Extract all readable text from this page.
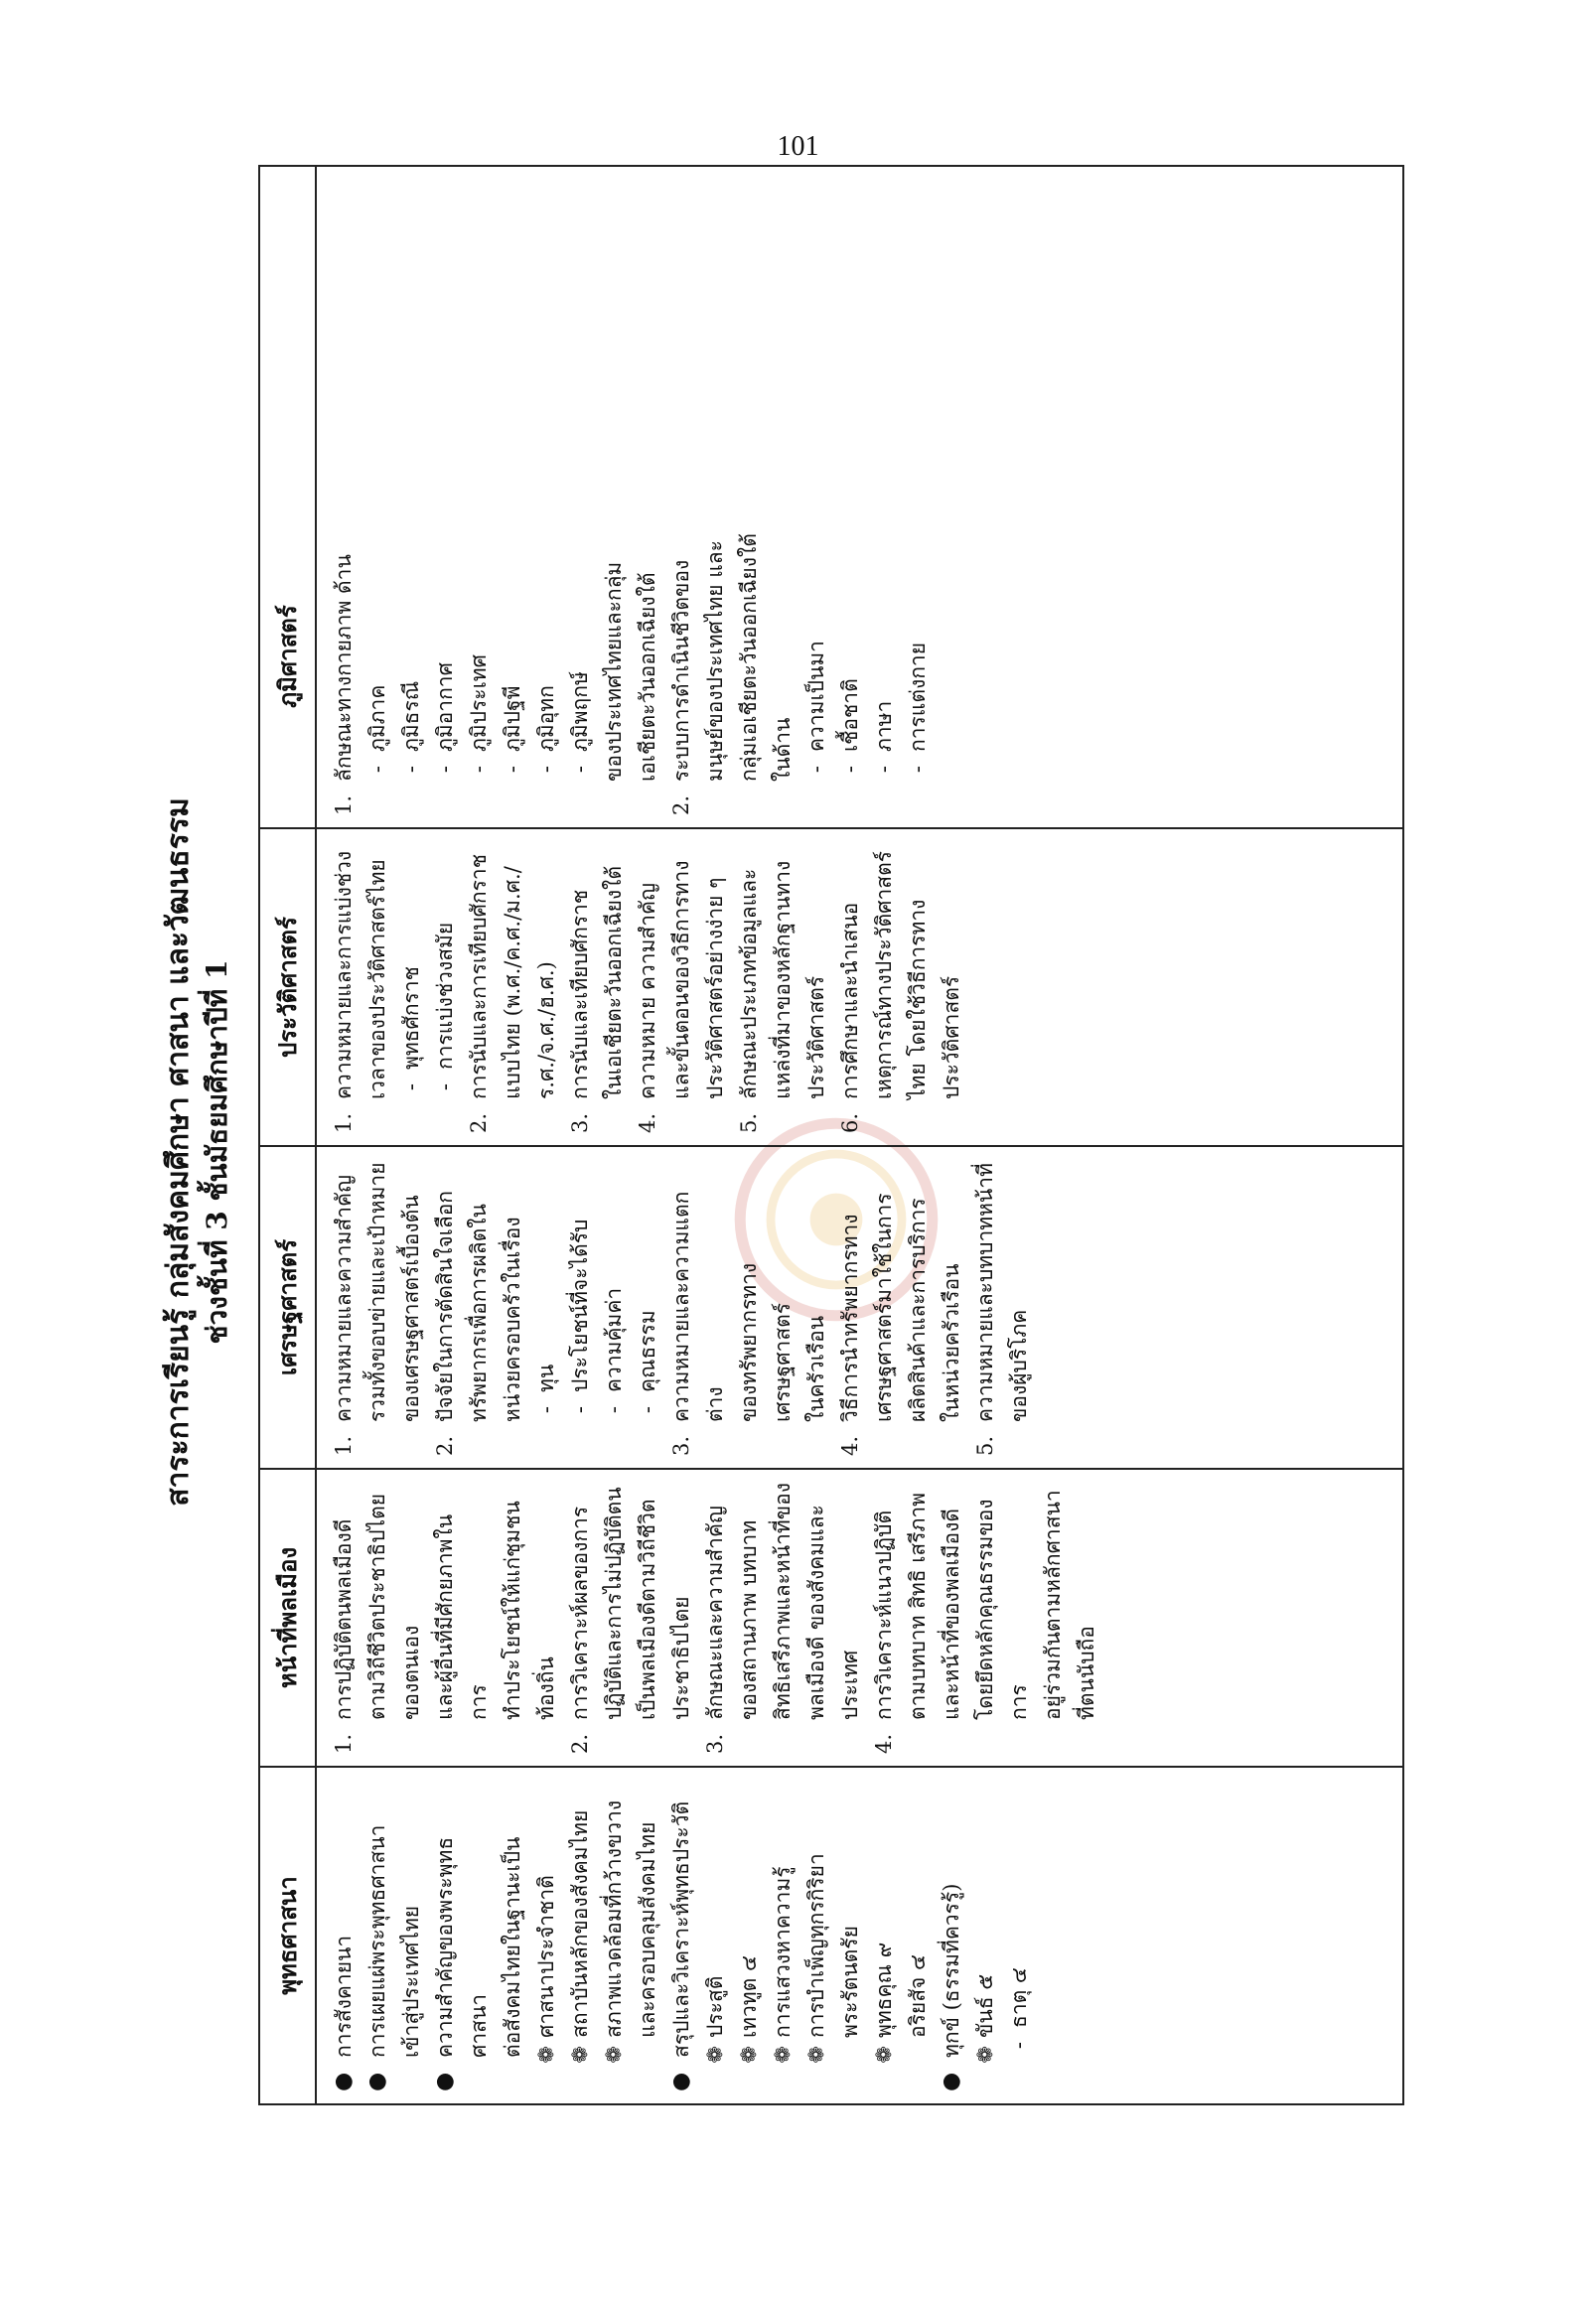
101
สาระการเรียนรู้ กลุ่มสังคมศึกษา ศาสนา และวัฒนธรรม ช่วงชั้นที่ 3 ชั้นมัธยมศึกษาปีที่ 1
พุทธศาสนา
หน้าที่พลเมือง
เศรษฐศาสตร์
ประวัติศาสตร์
ภูมิศาสตร์
●
การสังคายนา
●
การเผยแผ่พระพุทธศาสนา เข้าสู่ประเทศไทย
●
ความสำคัญของพระพุทธศาสนา ต่อสังคมไทยในฐานะเป็น ❁
ศาสนาประจำชาติ
❁
สถาบันหลักของสังคมไทย
❁
สภาพแวดล้อมที่กว้างขวาง และครอบคลุมสังคมไทย
●
สรุปและวิเคราะห์พุทธประวัติ ❁
ประสูติ
❁
เทวทูต ๔
❁
การแสวงหาความรู้
❁
การบำเพ็ญทุกรกิริยา พระรัตนตรัย
❁
พุทธคุณ ๙ อริยสัจ ๔
●
ทุกข์ (ธรรมที่ควรรู้) ❁
ขันธ์ ๕
-
ธาตุ ๔
1.
การปฏิบัติตนพลเมืองดี ตามวิถีชีวิตประชาธิปไตยของตนเอง และผู้อื่นที่มีศักยภาพในการ ทำประโยชน์ให้แก่ชุมชนท้องถิ่น
2.
การวิเคราะห์ผลของการ ปฏิบัติและการไม่ปฏิบัติตน เป็นพลเมืองดีตามวิถีชีวิต ประชาธิปไตย
3.
ลักษณะและความสำคัญ ของสถานภาพ บทบาท สิทธิเสรีภาพและหน้าที่ของ พลเมืองดี ของสังคมและ ประเทศ
4.
การวิเคราะห์แนวปฏิบัติ ตามบทบาท สิทธิ เสรีภาพ และหน้าที่ของพลเมืองดี โดยยึดหลักคุณธรรมของการ อยู่ร่วมกันตามหลักศาสนาที่ตนนับถือ
1.
ความหมายและความสำคัญ รวมทั้งขอบข่ายและเป้าหมาย ของเศรษฐศาสตร์เบื้องต้น
2.
ปัจจัยในการตัดสินใจเลือก ทรัพยากรเพื่อการผลิตใน หน่วยครอบครัวในเรื่อง -
ทุน
-
ประโยชน์ที่จะได้รับ
-
ความคุ้มค่า
-
คุณธรรม
3.
ความหมายและความแตกต่าง ของทรัพยากรทางเศรษฐศาสตร์ ในครัวเรือน
4.
วิธีการนำทรัพยากรทาง เศรษฐศาสตร์มาใช้ในการ ผลิตสินค้าและการบริการ ในหน่วยครัวเรือน
5.
ความหมายและบทบาทหน้าที่ ของผู้บริโภค
1.
ความหมายและการแบ่งช่วง เวลาของประวัติศาสตร์ไทย -
พุทธศักราช
-
การแบ่งช่วงสมัย
2.
การนับและการเทียบศักราช แบบไทย (พ.ศ./ค.ศ./ม.ศ./ ร.ศ./จ.ศ./ฮ.ศ.)
3.
การนับและเทียบศักราช ในเอเชียตะวันออกเฉียงใต้
4.
ความหมาย ความสำคัญ และขั้นตอนของวิธีการทาง ประวัติศาสตร์อย่างง่าย ๆ
5.
ลักษณะประเภทข้อมูลและ แหล่งที่มาของหลักฐานทาง ประวัติศาสตร์
6.
การศึกษาและนำเสนอ เหตุการณ์ทางประวัติศาสตร์ ไทย โดยใช้วิธีการทาง ประวัติศาสตร์
1.
ลักษณะทางกายภาพ ด้าน -
ภูมิภาค
-
ภูมิธรณี
-
ภูมิอากาศ
-
ภูมิประเทศ
-
ภูมิปฐพี
-
ภูมิอุทก
-
ภูมิพฤกษ์ ของประเทศไทยและกลุ่ม เอเชียตะวันออกเฉียงใต้
2.
ระบบการดำเนินชีวิตของ มนุษย์ของประเทศไทย และ กลุ่มเอเชียตะวันออกเฉียงใต้ ในด้าน -
ความเป็นมา
-
เชื้อชาติ
-
ภาษา
-
การแต่งกาย
